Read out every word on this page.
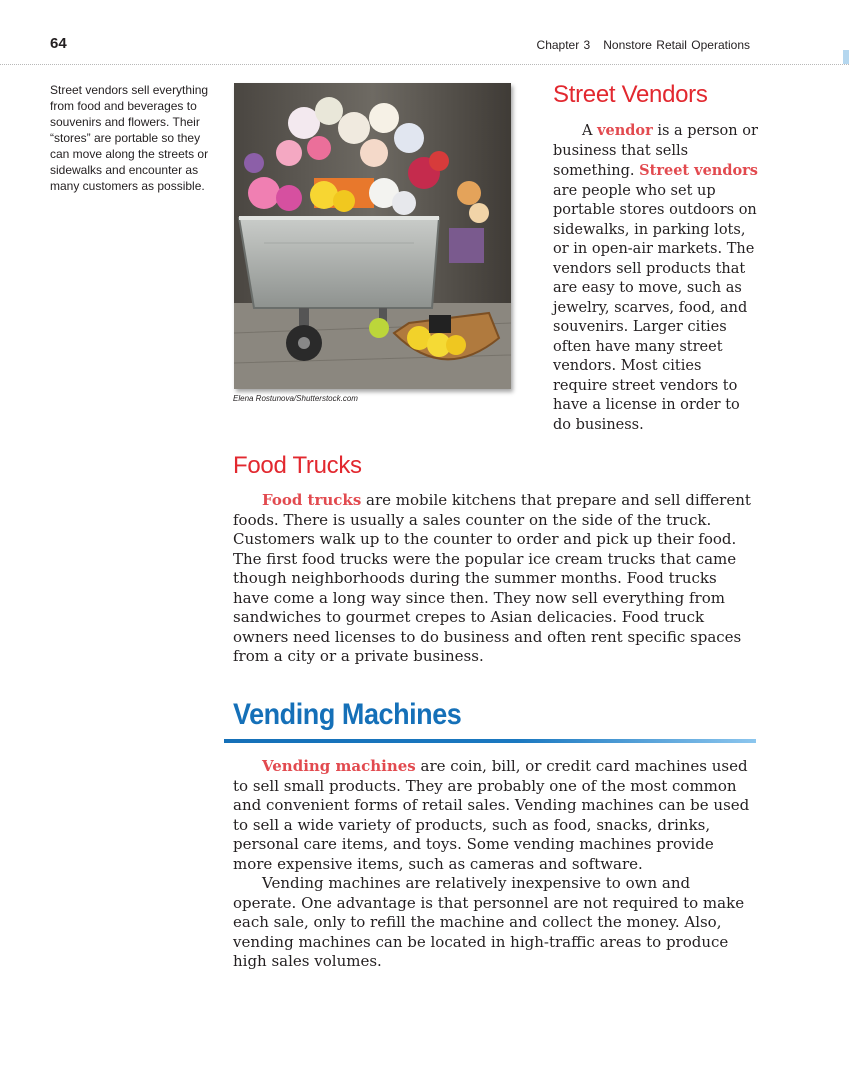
64	Chapter 3 Nonstore Retail Operations
Street vendors sell everything from food and beverages to souvenirs and flowers. Their “stores” are portable so they can move along the streets or sidewalks and encounter as many customers as possible.
Elena Rostunova/Shutterstock.com
Street Vendors

A vendor is a person or business that sells something. Street vendors are people who set up portable stores outdoors on sidewalks, in parking lots, or in open-air markets. The vendors sell products that are easy to move, such as jewelry, scarves, food, and souvenirs. Larger cities often have many street vendors. Most cities require street vendors to have a license in order to do business.

Food Trucks

Food trucks are mobile kitchens that prepare and sell different foods. There is usually a sales counter on the side of the truck. Customers walk up to the counter to order and pick up their food. The first food trucks were the popular ice cream trucks that came though neighborhoods during the summer months. Food trucks have come a long way since then. They now sell everything from sandwiches to gourmet crepes to Asian delicacies. Food truck owners need licenses to do business and often rent specific spaces from a city or a private business.

Vending Machines

Vending machines are coin, bill, or credit card machines used to sell small products. They are probably one of the most common and convenient forms of retail sales. Vending machines can be used to sell a wide variety of products, such as food, snacks, drinks, personal care items, and toys. Some vending machines provide more expensive items, such as cameras and software.

Vending machines are relatively inexpensive to own and operate. One advantage is that personnel are not required to make each sale, only to refill the machine and collect the money. Also, vending machines can be located in high-traffic areas to produce high sales volumes.
